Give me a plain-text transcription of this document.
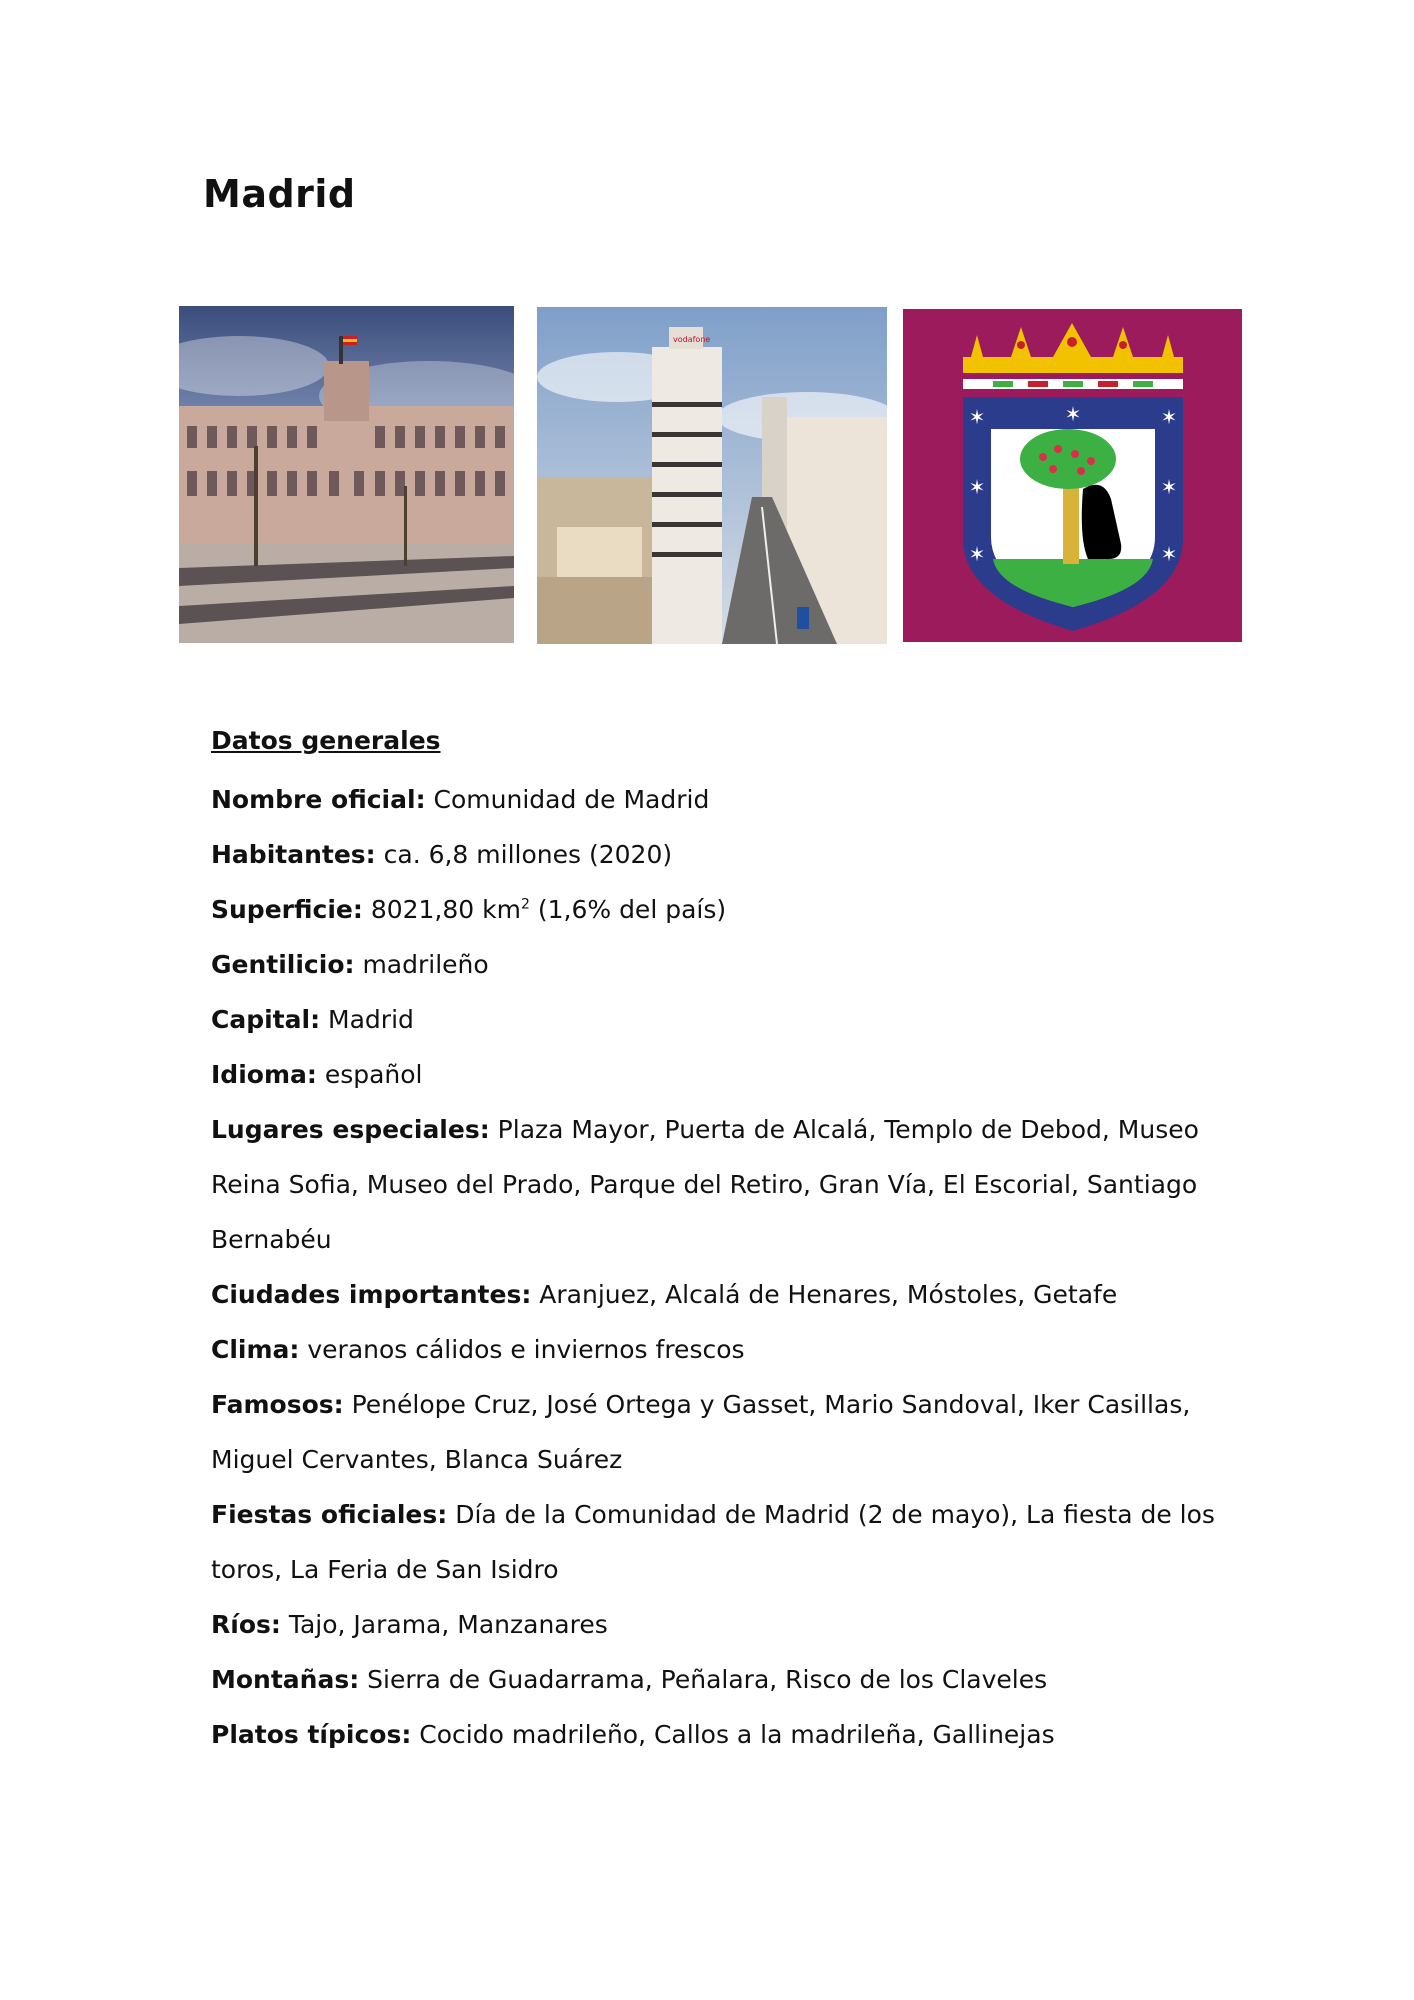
Madrid
vodafone
✶	✶	✶
✶	✶
✶	✶
Datos generales

Nombre oficial: Comunidad de Madrid

Habitantes: ca. 6,8 millones (2020)

Superficie: 8021,80 $km^2$ (1,6% del país)

Gentilicio: madrileño

Capital: Madrid

Idioma: español

Lugares especiales: Plaza Mayor, Puerta de Alcalá, Templo de Debod, Museo Reina Sofia, Museo del Prado, Parque del Retiro, Gran Vía, El Escorial, Santiago Bernabéu

Ciudades importantes: Aranjuez, Alcalá de Henares, Móstoles, Getafe

Clima: veranos cálidos e inviernos frescos

Famosos: Penélope Cruz, José Ortega y Gasset, Mario Sandoval, Iker Casillas, Miguel Cervantes, Blanca Suárez

Fiestas oficiales: Día de la Comunidad de Madrid (2 de mayo), La fiesta de los toros, La Feria de San Isidro

Ríos: Tajo, Jarama, Manzanares

Montañas: Sierra de Guadarrama, Peñalara, Risco de los Claveles

Platos típicos: Cocido madrileño, Callos a la madrileña, Gallinejas
